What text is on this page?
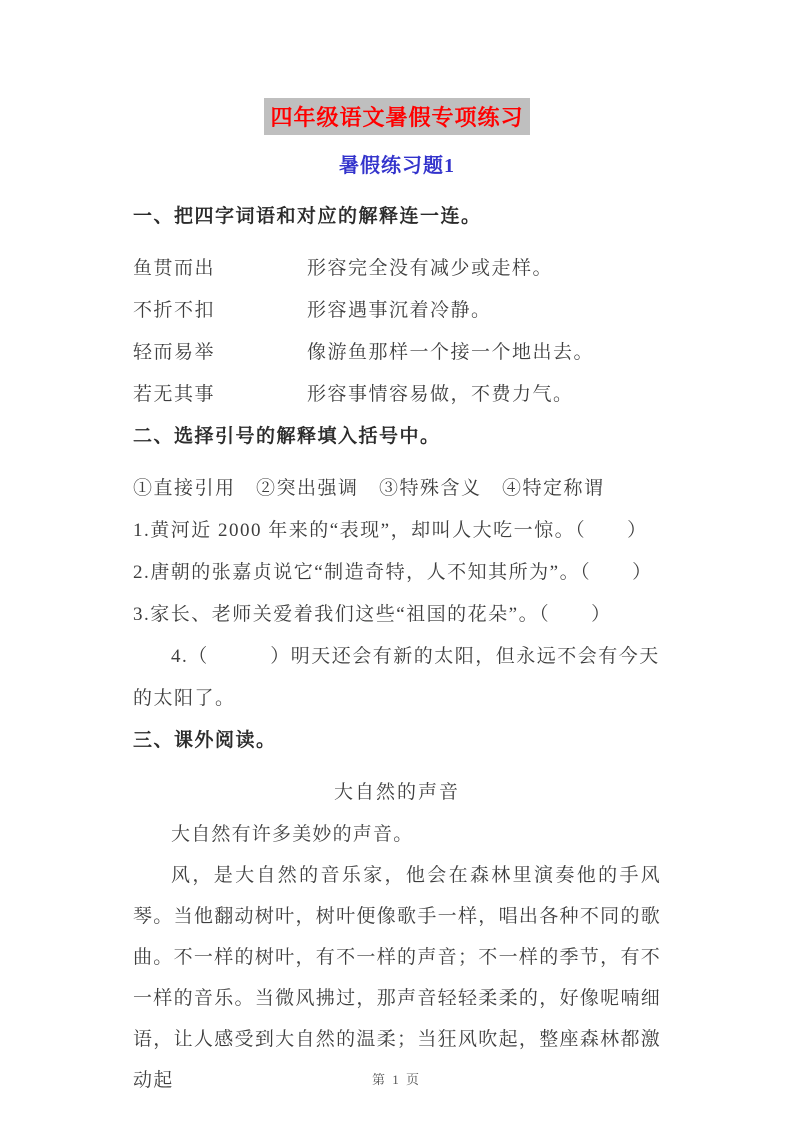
四年级语文暑假专项练习
暑假练习题1

一、把四字词语和对应的解释连一连。

鱼贯而出	形容完全没有减少或走样。
不折不扣	形容遇事沉着冷静。
轻而易举	像游鱼那样一个接一个地出去。
若无其事	形容事情容易做，不费力气。

二、选择引号的解释填入括号中。

①直接引用　②突出强调　③特殊含义　④特定称谓

1.黄河近 2000 年来的“表现”，却叫人大吃一惊。（　　）

2.唐朝的张嘉贞说它“制造奇特，人不知其所为”。（　　）

3.家长、老师关爱着我们这些“祖国的花朵”。（　　）

4.（　　　）明天还会有新的太阳，但永远不会有今天的太阳了。

三、课外阅读。

大自然的声音

大自然有许多美妙的声音。

风，是大自然的音乐家，他会在森林里演奏他的手风琴。当他翻动树叶，树叶便像歌手一样，唱出各种不同的歌曲。不一样的树叶，有不一样的声音；不一样的季节，有不一样的音乐。当微风拂过，那声音轻轻柔柔的，好像呢喃细语，让人感受到大自然的温柔；当狂风吹起，整座森林都激动起	第 1 页
